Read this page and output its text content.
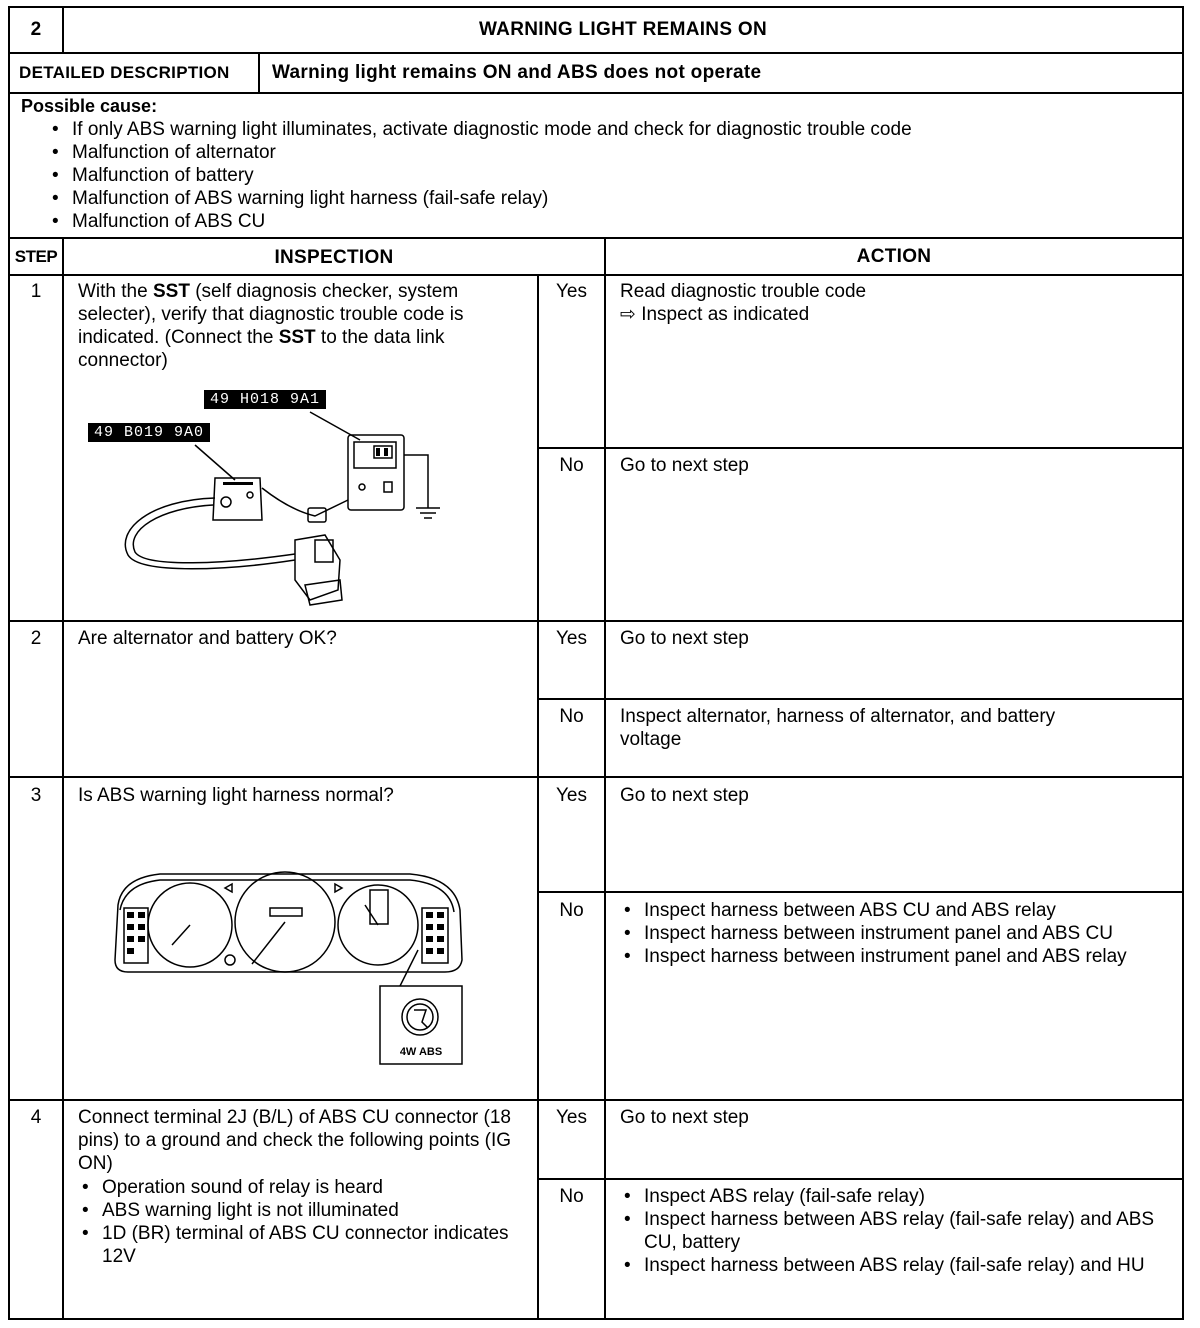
2	WARNING LIGHT REMAINS ON
DETAILED DESCRIPTION Warning light remains ON and ABS does not operate
Possible cause:
• If only ABS warning light illuminates, activate diagnostic mode and check for diagnostic trouble code
• Malfunction of alternator
• Malfunction of battery
• Malfunction of ABS warning light harness (fail-safe relay)
• Malfunction of ABS CU
STEP	INSPECTION	ACTION
1	With the SST (self diagnosis checker, system selecter), verify that diagnostic trouble code is indicated. (Connect the SST to the data link connector)
Yes	Read diagnostic trouble code
⇨ Inspect as indicated
No	Go to next step
49 H018 9A1
49 B019 9A0
2	Are alternator and battery OK?	Yes	Go to next step
No	Inspect alternator, harness of alternator, and battery voltage
3	Is ABS warning light harness normal?	Yes	Go to next step
No	• Inspect harness between ABS CU and ABS relay
• Inspect harness between instrument panel and ABS CU
• Inspect harness between instrument panel and ABS relay
4W ABS
4	Connect terminal 2J (B/L) of ABS CU connector (18 pins) to a ground and check the following points (IG ON)
• Operation sound of relay is heard
• ABS warning light is not illuminated
• 1D (BR) terminal of ABS CU connector indicates 12V
Yes	Go to next step
No	• Inspect ABS relay (fail-safe relay)
• Inspect harness between ABS relay (fail-safe relay) and ABS CU, battery
• Inspect harness between ABS relay (fail-safe relay) and HU
